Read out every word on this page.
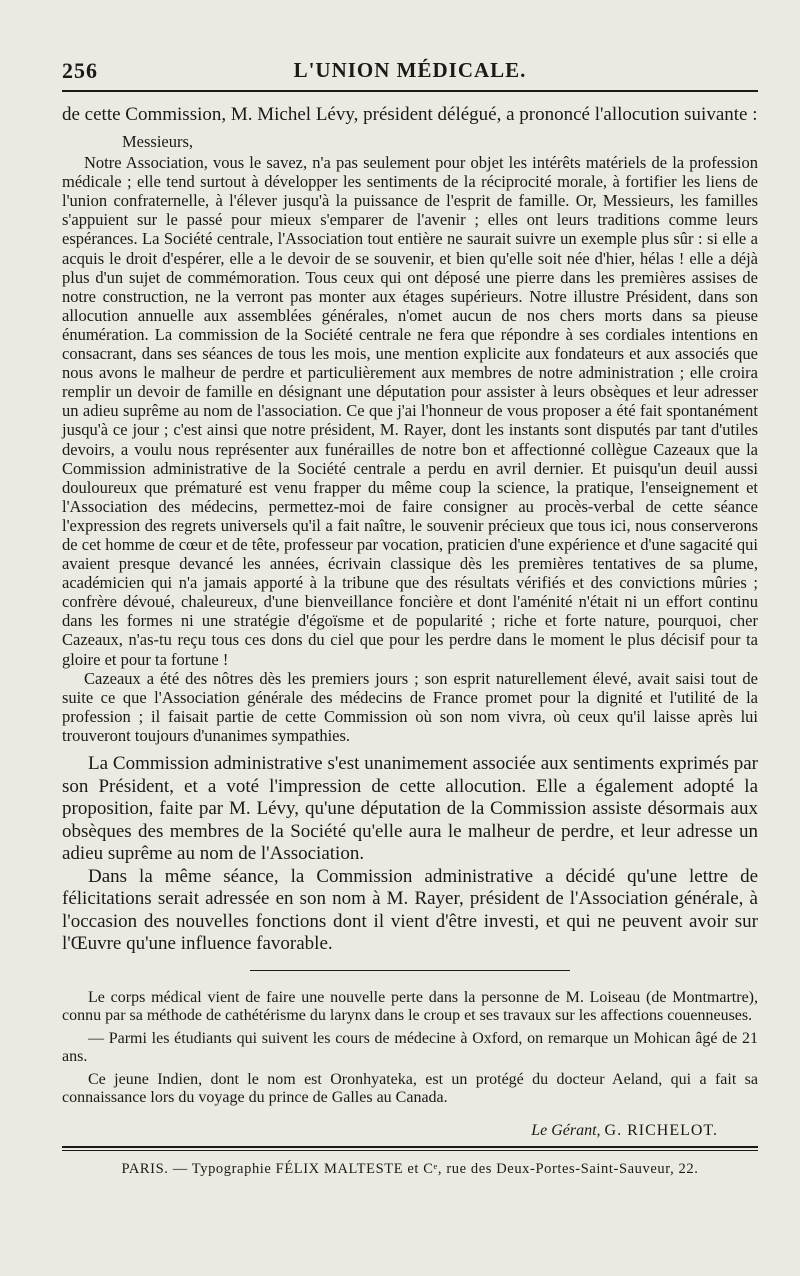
256	L'UNION MÉDICALE.

de cette Commission, M. Michel Lévy, président délégué, a prononcé l'allocution suivante :

Messieurs,

Notre Association, vous le savez, n'a pas seulement pour objet les intérêts matériels de la profession médicale ; elle tend surtout à développer les sentiments de la réciprocité morale, à fortifier les liens de l'union confraternelle, à l'élever jusqu'à la puissance de l'esprit de famille. Or, Messieurs, les familles s'appuient sur le passé pour mieux s'emparer de l'avenir ; elles ont leurs traditions comme leurs espérances. La Société centrale, l'Association tout entière ne saurait suivre un exemple plus sûr : si elle a acquis le droit d'espérer, elle a le devoir de se souvenir, et bien qu'elle soit née d'hier, hélas ! elle a déjà plus d'un sujet de commémoration. Tous ceux qui ont déposé une pierre dans les premières assises de notre construction, ne la verront pas monter aux étages supérieurs. Notre illustre Président, dans son allocution annuelle aux assemblées générales, n'omet aucun de nos chers morts dans sa pieuse énumération. La commission de la Société centrale ne fera que répondre à ses cordiales intentions en consacrant, dans ses séances de tous les mois, une mention explicite aux fondateurs et aux associés que nous avons le malheur de perdre et particulièrement aux membres de notre administration ; elle croira remplir un devoir de famille en désignant une députation pour assister à leurs obsèques et leur adresser un adieu suprême au nom de l'association. Ce que j'ai l'honneur de vous proposer a été fait spontanément jusqu'à ce jour ; c'est ainsi que notre président, M. Rayer, dont les instants sont disputés par tant d'utiles devoirs, a voulu nous représenter aux funérailles de notre bon et affectionné collègue Cazeaux que la Commission administrative de la Société centrale a perdu en avril dernier. Et puisqu'un deuil aussi douloureux que prématuré est venu frapper du même coup la science, la pratique, l'enseignement et l'Association des médecins, permettez-moi de faire consigner au procès-verbal de cette séance l'expression des regrets universels qu'il a fait naître, le souvenir précieux que tous ici, nous conserverons de cet homme de cœur et de tête, professeur par vocation, praticien d'une expérience et d'une sagacité qui avaient presque devancé les années, écrivain classique dès les premières tentatives de sa plume, académicien qui n'a jamais apporté à la tribune que des résultats vérifiés et des convictions mûries ; confrère dévoué, chaleureux, d'une bienveillance foncière et dont l'aménité n'était ni un effort continu dans les formes ni une stratégie d'égoïsme et de popularité ; riche et forte nature, pourquoi, cher Cazeaux, n'as-tu reçu tous ces dons du ciel que pour les perdre dans le moment le plus décisif pour ta gloire et pour ta fortune !

Cazeaux a été des nôtres dès les premiers jours ; son esprit naturellement élevé, avait saisi tout de suite ce que l'Association générale des médecins de France promet pour la dignité et l'utilité de la profession ; il faisait partie de cette Commission où son nom vivra, où ceux qu'il laisse après lui trouveront toujours d'unanimes sympathies.

La Commission administrative s'est unanimement associée aux sentiments exprimés par son Président, et a voté l'impression de cette allocution. Elle a également adopté la proposition, faite par M. Lévy, qu'une députation de la Commission assiste désormais aux obsèques des membres de la Société qu'elle aura le malheur de perdre, et leur adresse un adieu suprême au nom de l'Association.

Dans la même séance, la Commission administrative a décidé qu'une lettre de félicitations serait adressée en son nom à M. Rayer, président de l'Association générale, à l'occasion des nouvelles fonctions dont il vient d'être investi, et qui ne peuvent avoir sur l'Œuvre qu'une influence favorable.

Le corps médical vient de faire une nouvelle perte dans la personne de M. Loiseau (de Montmartre), connu par sa méthode de cathétérisme du larynx dans le croup et ses travaux sur les affections couenneuses.

— Parmi les étudiants qui suivent les cours de médecine à Oxford, on remarque un Mohican âgé de 21 ans.

Ce jeune Indien, dont le nom est Oronhyateka, est un protégé du docteur Aeland, qui a fait sa connaissance lors du voyage du prince de Galles au Canada.

Le Gérant, G. RICHELOT.
PARIS. — Typographie FÉLIX MALTESTE et Cᵉ, rue des Deux-Portes-Saint-Sauveur, 22.
